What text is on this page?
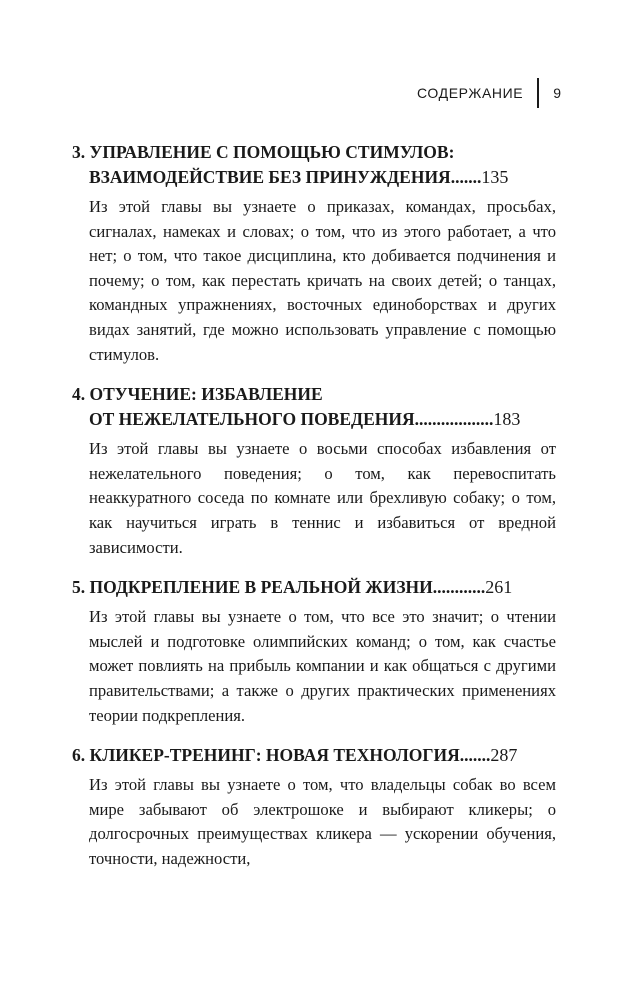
СОДЕРЖАНИЕ	9
3. УПРАВЛЕНИЕ С ПОМОЩЬЮ СТИМУЛОВ:
ВЗАИМОДЕЙСТВИЕ БЕЗ ПРИНУЖДЕНИЯ.......135
Из этой главы вы узнаете о приказах, командах, просьбах, сигналах, намеках и словах; о том, что из этого работает, а что нет; о том, что такое дисциплина, кто добивается подчинения и почему; о том, как перестать кричать на своих детей; о танцах, командных упражнениях, восточных единоборствах и других видах занятий, где можно использовать управление с помощью стимулов.
4. ОТУЧЕНИЕ: ИЗБАВЛЕНИЕ
ОТ НЕЖЕЛАТЕЛЬНОГО ПОВЕДЕНИЯ..................183
Из этой главы вы узнаете о восьми способах избавления от нежелательного поведения; о том, как перевоспитать неаккуратного соседа по комнате или брехливую собаку; о том, как научиться играть в теннис и избавиться от вредной зависимости.
5. ПОДКРЕПЛЕНИЕ В РЕАЛЬНОЙ ЖИЗНИ............261
Из этой главы вы узнаете о том, что все это значит; о чтении мыслей и подготовке олимпийских команд; о том, как счастье может повлиять на прибыль компании и как общаться с другими правительствами; а также о других практических применениях теории подкрепления.
6. КЛИКЕР-ТРЕНИНГ: НОВАЯ ТЕХНОЛОГИЯ.......287
Из этой главы вы узнаете о том, что владельцы собак во всем мире забывают об электрошоке и выбирают кликеры; о долгосрочных преимуществах кликера — ускорении обучения, точности, надежности,
